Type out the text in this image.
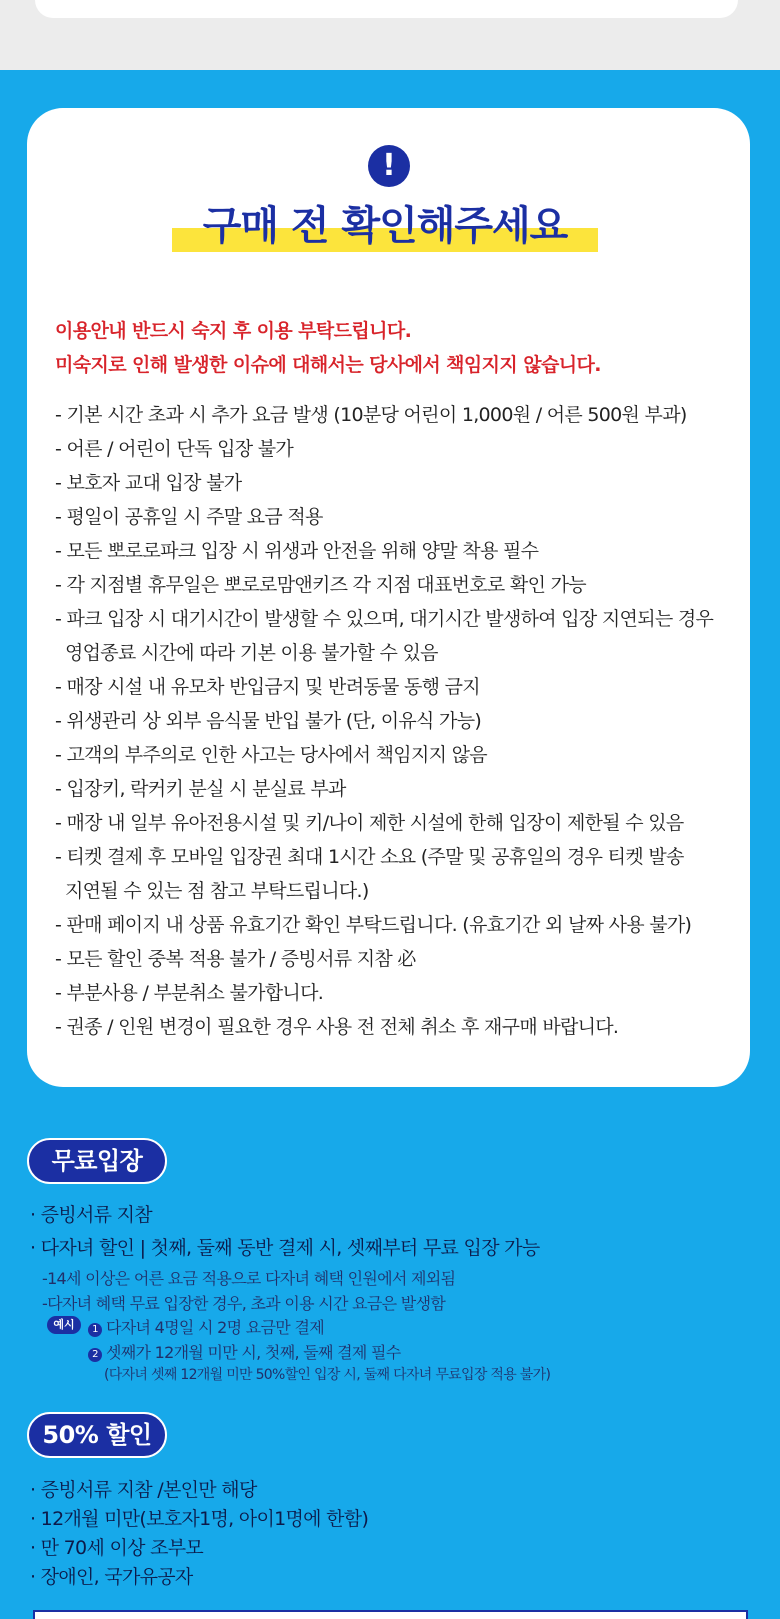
!
구매 전 확인해주세요
이용안내 반드시 숙지 후 이용 부탁드립니다.
미숙지로 인해 발생한 이슈에 대해서는 당사에서 책임지지 않습니다.
- 기본 시간 초과 시 추가 요금 발생 (10분당 어린이 1,000원 / 어른 500원 부과)
- 어른 / 어린이 단독 입장 불가
- 보호자 교대 입장 불가
- 평일이 공휴일 시 주말 요금 적용
- 모든 뽀로로파크 입장 시 위생과 안전을 위해 양말 착용 필수
- 각 지점별 휴무일은 뽀로로맘앤키즈 각 지점 대표번호로 확인 가능
- 파크 입장 시 대기시간이 발생할 수 있으며, 대기시간 발생하여 입장 지연되는 경우
영업종료 시간에 따라 기본 이용 불가할 수 있음
- 매장 시설 내 유모차 반입금지 및 반려동물 동행 금지
- 위생관리 상 외부 음식물 반입 불가 (단, 이유식 가능)
- 고객의 부주의로 인한 사고는 당사에서 책임지지 않음
- 입장키, 락커키 분실 시 분실료 부과
- 매장 내 일부 유아전용시설 및 키/나이 제한 시설에 한해 입장이 제한될 수 있음
- 티켓 결제 후 모바일 입장권 최대 1시간 소요 (주말 및 공휴일의 경우 티켓 발송
지연될 수 있는 점 참고 부탁드립니다.)
- 판매 페이지 내 상품 유효기간 확인 부탁드립니다. (유효기간 외 날짜 사용 불가)
- 모든 할인 중복 적용 불가 / 증빙서류 지참 必
- 부분사용 / 부분취소 불가합니다.
- 권종 / 인원 변경이 필요한 경우 사용 전 전체 취소 후 재구매 바랍니다.
무료입장
· 증빙서류 지참
· 다자녀 할인 | 첫째, 둘째 동반 결제 시, 셋째부터 무료 입장 가능
-14세 이상은 어른 요금 적용으로 다자녀 혜택 인원에서 제외됨
-다자녀 혜택 무료 입장한 경우, 초과 이용 시간 요금은 발생함
예시	1 다자녀 4명일 시 2명 요금만 결제
2 셋째가 12개월 미만 시, 첫째, 둘째 결제 필수
(다자녀 셋째 12개월 미만 50%할인 입장 시, 둘째 다자녀 무료입장 적용 불가)
50% 할인
· 증빙서류 지참 /본인만 해당
· 12개월 미만(보호자1명, 아이1명에 한함)
· 만 70세 이상 조부모
· 장애인, 국가유공자
